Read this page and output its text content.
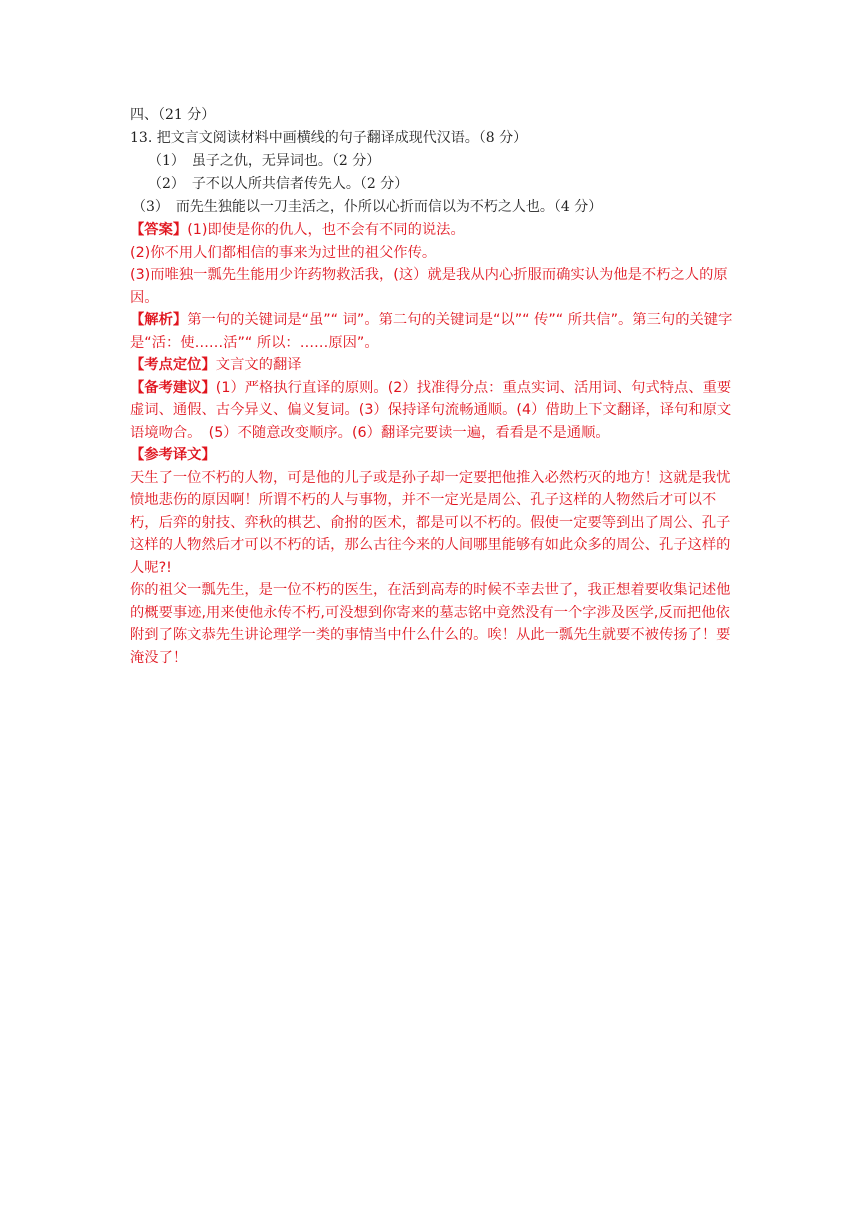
四、（21 分）
13. 把文言文阅读材料中画横线的句子翻译成现代汉语。（8 分）
（1）　虽子之仇，无异词也。（2 分）
（2）　子不以人所共信者传先人。（2 分）
（3）　而先生独能以一刀圭活之，仆所以心折而信以为不朽之人也。（4 分）

【答案】(1)即使是你的仇人，也不会有不同的说法。

(2)你不用人们都相信的事来为过世的祖父作传。

(3)而唯独一瓢先生能用少许药物救活我，(这）就是我从内心折服而确实认为他是不朽之人的原因。

【解析】第一句的关键词是“虽”“ 词”。第二句的关键词是“以”“ 传”“ 所共信”。第三句的关键字是“活：使……活”“ 所以：……原因”。

【考点定位】文言文的翻译

【备考建议】(1）严格执行直译的原则。(2）找准得分点：重点实词、活用词、句式特点、重要虚词、通假、古今异义、偏义复词。(3）保持译句流畅通顺。(4）借助上下文翻译，译句和原文语境吻合。　(5）不随意改变顺序。(6）翻译完要读一遍，看看是不是通顺。

【参考译文】

天生了一位不朽的人物，可是他的儿子或是孙子却一定要把他推入必然朽灭的地方！这就是我忧愤地悲伤的原因啊！所谓不朽的人与事物，并不一定光是周公、孔子这样的人物然后才可以不朽，后弈的射技、弈秋的棋艺、俞拊的医术，都是可以不朽的。假使一定要等到出了周公、孔子这样的人物然后才可以不朽的话，那么古往今来的人间哪里能够有如此众多的周公、孔子这样的人呢?!

你的祖父一瓢先生，是一位不朽的医生，在活到高寿的时候不幸去世了，我正想着要收集记述他的概要事迹,用来使他永传不朽,可没想到你寄来的墓志铭中竟然没有一个字涉及医学,反而把他依附到了陈文恭先生讲论理学一类的事情当中什么什么的。唉！从此一瓢先生就要不被传扬了！要淹没了！
